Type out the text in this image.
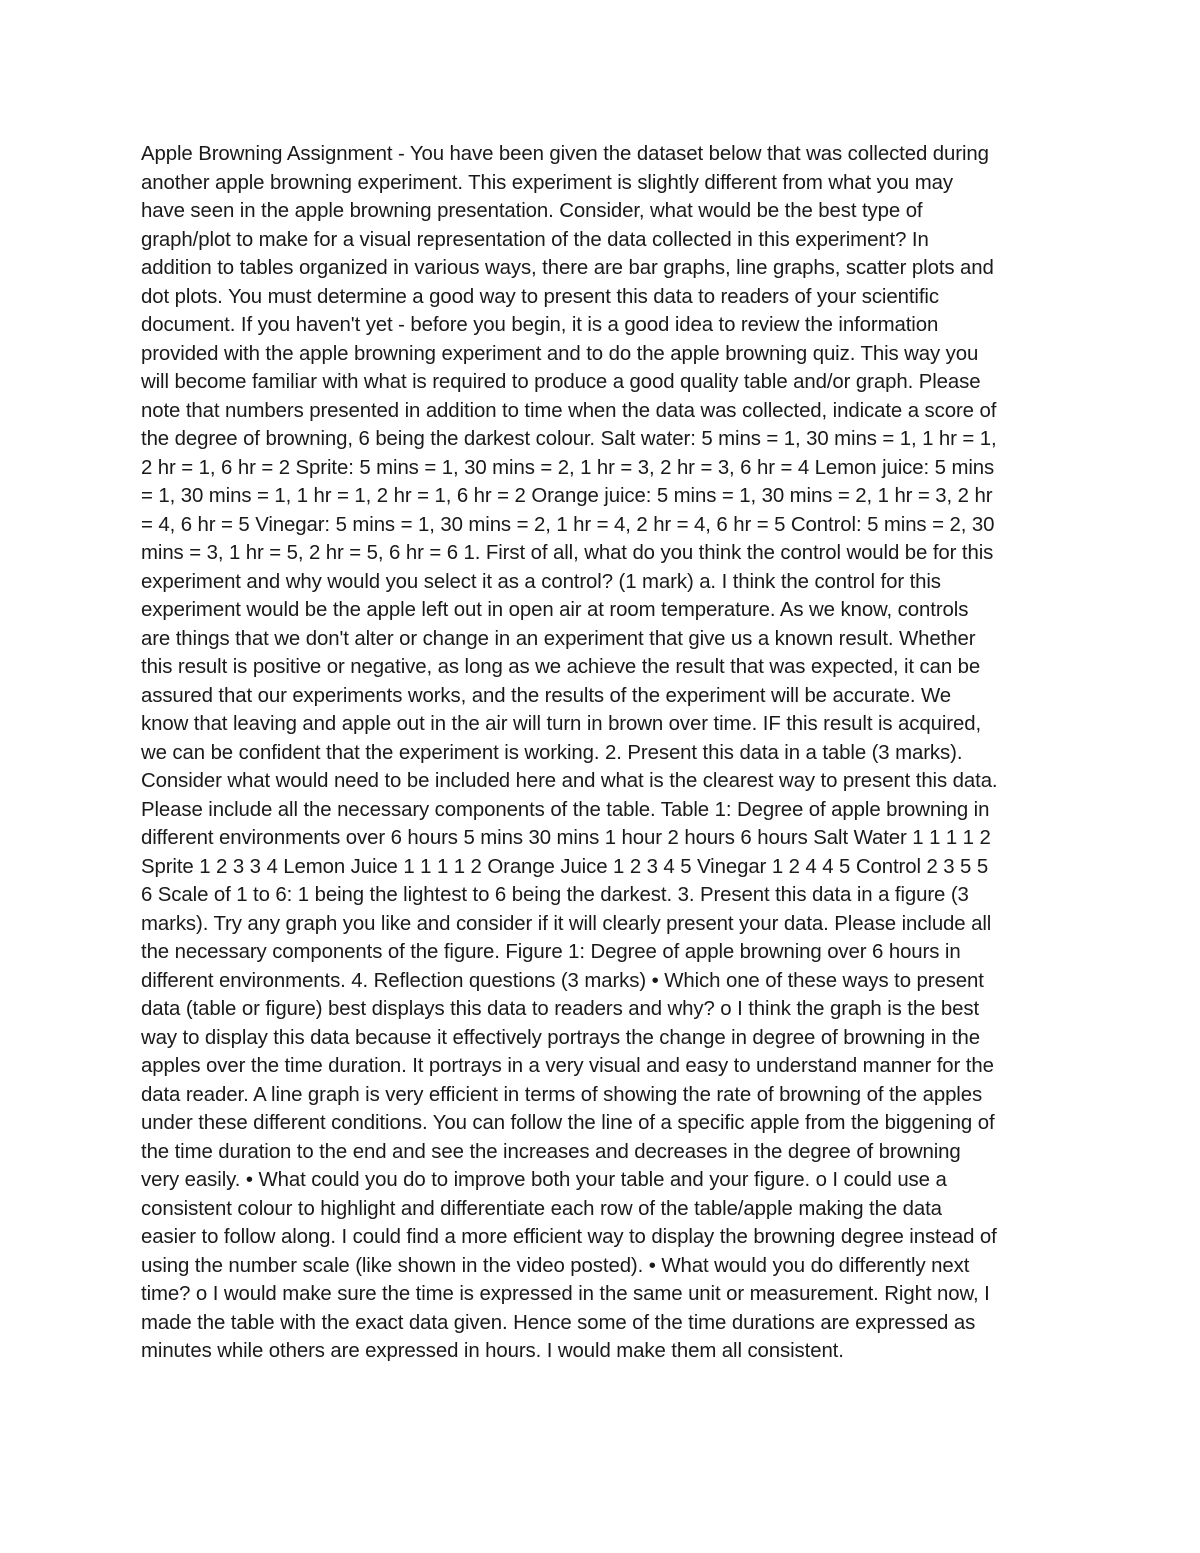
Apple Browning Assignment - You have been given the dataset below that was collected during
another apple browning experiment. This experiment is slightly different from what you may
have seen in the apple browning presentation. Consider, what would be the best type of
graph/plot to make for a visual representation of the data collected in this experiment? In
addition to tables organized in various ways, there are bar graphs, line graphs, scatter plots and
dot plots. You must determine a good way to present this data to readers of your scientific
document. If you haven't yet - before you begin, it is a good idea to review the information
provided with the apple browning experiment and to do the apple browning quiz. This way you
will become familiar with what is required to produce a good quality table and/or graph. Please
note that numbers presented in addition to time when the data was collected, indicate a score of
the degree of browning, 6 being the darkest colour. Salt water: 5 mins = 1, 30 mins = 1, 1 hr = 1,
2 hr = 1, 6 hr = 2 Sprite: 5 mins = 1, 30 mins = 2, 1 hr = 3, 2 hr = 3, 6 hr = 4 Lemon juice: 5 mins
= 1, 30 mins = 1, 1 hr = 1, 2 hr = 1, 6 hr = 2 Orange juice: 5 mins = 1, 30 mins = 2, 1 hr = 3, 2 hr
= 4, 6 hr = 5 Vinegar: 5 mins = 1, 30 mins = 2, 1 hr = 4, 2 hr = 4, 6 hr = 5 Control: 5 mins = 2, 30
mins = 3, 1 hr = 5, 2 hr = 5, 6 hr = 6 1. First of all, what do you think the control would be for this
experiment and why would you select it as a control? (1 mark) a. I think the control for this
experiment would be the apple left out in open air at room temperature. As we know, controls
are things that we don't alter or change in an experiment that give us a known result. Whether
this result is positive or negative, as long as we achieve the result that was expected, it can be
assured that our experiments works, and the results of the experiment will be accurate. We
know that leaving and apple out in the air will turn in brown over time. IF this result is acquired,
we can be confident that the experiment is working. 2. Present this data in a table (3 marks).
Consider what would need to be included here and what is the clearest way to present this data.
Please include all the necessary components of the table. Table 1: Degree of apple browning in
different environments over 6 hours 5 mins 30 mins 1 hour 2 hours 6 hours Salt Water 1 1 1 1 2
Sprite 1 2 3 3 4 Lemon Juice 1 1 1 1 2 Orange Juice 1 2 3 4 5 Vinegar 1 2 4 4 5 Control 2 3 5 5
6 Scale of 1 to 6: 1 being the lightest to 6 being the darkest. 3. Present this data in a figure (3
marks). Try any graph you like and consider if it will clearly present your data. Please include all
the necessary components of the figure. Figure 1: Degree of apple browning over 6 hours in
different environments. 4. Reflection questions (3 marks) • Which one of these ways to present
data (table or figure) best displays this data to readers and why? o I think the graph is the best
way to display this data because it effectively portrays the change in degree of browning in the
apples over the time duration. It portrays in a very visual and easy to understand manner for the
data reader. A line graph is very efficient in terms of showing the rate of browning of the apples
under these different conditions. You can follow the line of a specific apple from the biggening of
the time duration to the end and see the increases and decreases in the degree of browning
very easily. • What could you do to improve both your table and your figure. o I could use a
consistent colour to highlight and differentiate each row of the table/apple making the data
easier to follow along. I could find a more efficient way to display the browning degree instead of
using the number scale (like shown in the video posted). • What would you do differently next
time? o I would make sure the time is expressed in the same unit or measurement. Right now, I
made the table with the exact data given. Hence some of the time durations are expressed as
minutes while others are expressed in hours. I would make them all consistent.
